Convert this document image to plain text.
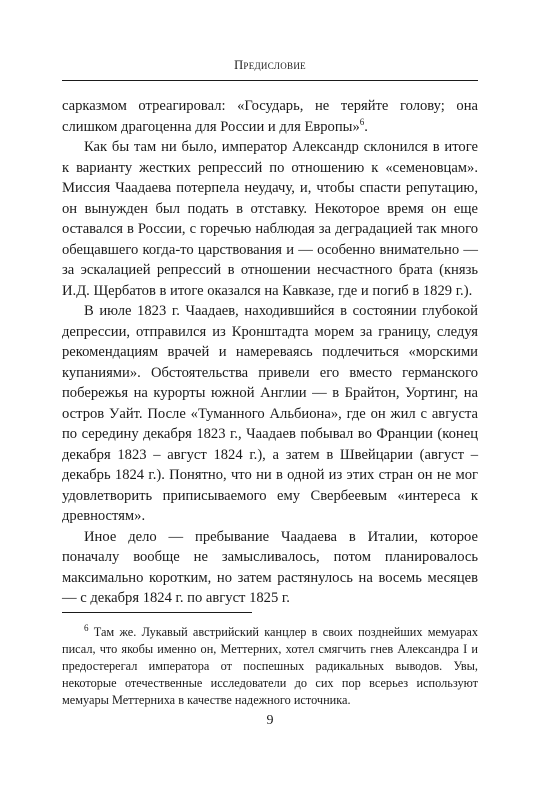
Предисловие

сарказмом отреагировал: «Государь, не теряйте голову; она слишком драгоценна для России и для Европы»$^6$.

Как бы там ни было, император Александр склонился в итоге к варианту жестких репрессий по отношению к «семеновцам». Миссия Чаадаева потерпела неудачу, и, чтобы спасти репутацию, он вынужден был подать в отставку. Некоторое время он еще оставался в России, с горечью наблюдая за деградацией так много обещавшего когда-то царствования и — особенно внимательно — за эскалацией репрессий в отношении несчастного брата (князь И.Д. Щербатов в итоге оказался на Кавказе, где и погиб в 1829 г.).

В июле 1823 г. Чаадаев, находившийся в состоянии глубокой депрессии, отправился из Кронштадта морем за границу, следуя рекомендациям врачей и намереваясь подлечиться «морскими купаниями». Обстоятельства привели его вместо германского побережья на курорты южной Англии — в Брайтон, Уортинг, на остров Уайт. После «Туманного Альбиона», где он жил с августа по середину декабря 1823 г., Чаадаев побывал во Франции (конец декабря 1823 – август 1824 г.), а затем в Швейцарии (август – декабрь 1824 г.). Понятно, что ни в одной из этих стран он не мог удовлетворить приписываемого ему Свербеевым «интереса к древностям».

Иное дело — пребывание Чаадаева в Италии, которое поначалу вообще не замысливалось, потом планировалось максимально коротким, но затем растянулось на восемь месяцев — с декабря 1824 г. по август 1825 г.

$^6$ Там же. Лукавый австрийский канцлер в своих позднейших мемуарах писал, что якобы именно он, Меттерних, хотел смягчить гнев Александра I и предостерегал императора от поспешных радикальных выводов. Увы, некоторые отечественные исследователи до сих пор всерьез используют мемуары Меттерниха в качестве надежного источника.

9
